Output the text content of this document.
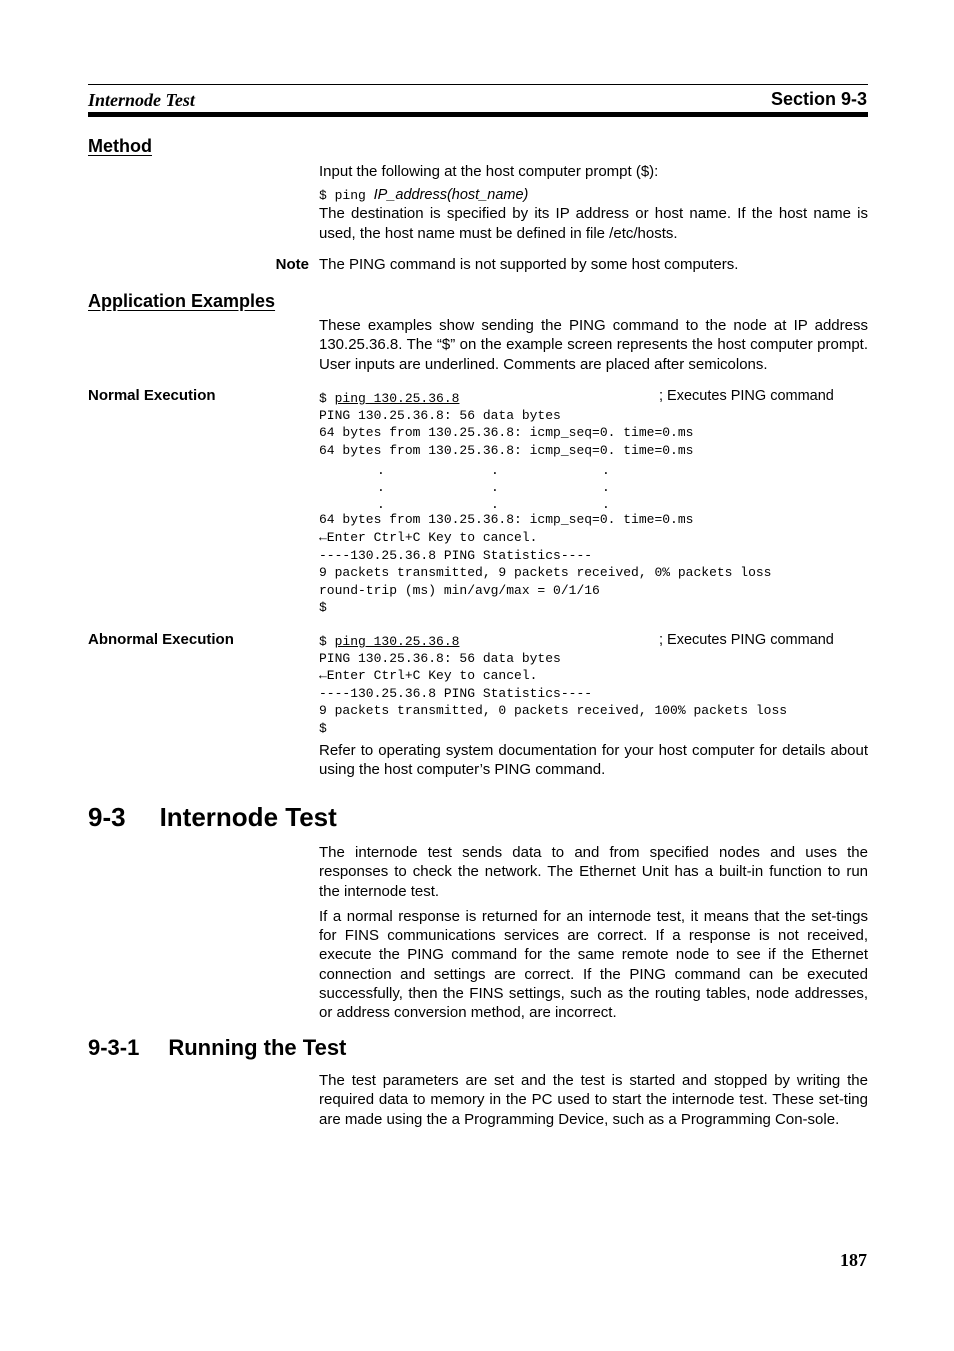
Internode Test	Section 9-3
Method

Input the following at the host computer prompt ($):

$ ping IP_address(host_name)

The destination is specified by its IP address or host name. If the host name is used, the host name must be defined in file /etc/hosts.

Note The PING command is not supported by some host computers.
Application Examples
These examples show sending the PING command to the node at IP address 130.25.36.8. The “$” on the example screen represents the host computer prompt. User inputs are underlined. Comments are placed after semicolons.
Normal Execution	$ ping 130.25.36.8	; Executes PING command
PING 130.25.36.8: 56 data bytes
64 bytes from 130.25.36.8: icmp_seq=0. time=0.ms
64 bytes from 130.25.36.8: icmp_seq=0. time=0.ms
.	.	.
.	.	.
.	.	.
64 bytes from 130.25.36.8: icmp_seq=0. time=0.ms
←Enter Ctrl+C Key to cancel.
----130.25.36.8 PING Statistics----
9 packets transmitted, 9 packets received, 0% packets loss
round-trip (ms) min/avg/max = 0/1/16
$
Abnormal Execution	$ ping 130.25.36.8	; Executes PING command
PING 130.25.36.8: 56 data bytes
←Enter Ctrl+C Key to cancel.
----130.25.36.8 PING Statistics----
9 packets transmitted, 0 packets received, 100% packets loss
$
Refer to operating system documentation for your host computer for details about using the host computer’s PING command.
9-3 Internode Test

The internode test sends data to and from specified nodes and uses the responses to check the network. The Ethernet Unit has a built-in function to run the internode test.

If a normal response is returned for an internode test, it means that the set-tings for FINS communications services are correct. If a response is not received, execute the PING command for the same remote node to see if the Ethernet connection and settings are correct. If the PING command can be executed successfully, then the FINS settings, such as the routing tables, node addresses, or address conversion method, are incorrect.

9-3-1 Running the Test
The test parameters are set and the test is started and stopped by writing the required data to memory in the PC used to start the internode test. These set-ting are made using the a Programming Device, such as a Programming Con-sole.
187
